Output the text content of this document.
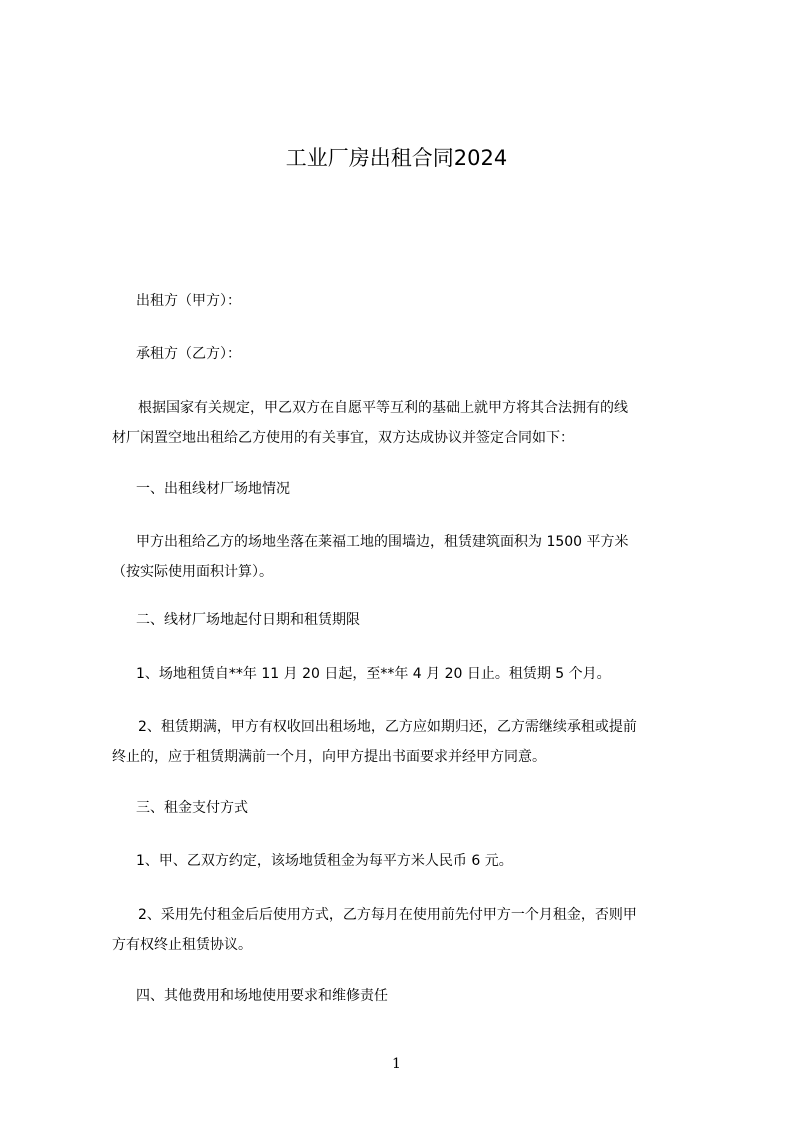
工业厂房出租合同2024
出租方（甲方）：
承租方（乙方）：
根据国家有关规定，甲乙双方在自愿平等互利的基础上就甲方将其合法拥有的线
材厂闲置空地出租给乙方使用的有关事宜，双方达成协议并签定合同如下：
一、出租线材厂场地情况
甲方出租给乙方的场地坐落在莱福工地的围墙边，租赁建筑面积为 1500 平方米
（按实际使用面积计算）。
二、线材厂场地起付日期和租赁期限
1、场地租赁自**年 11 月 20 日起，至**年 4 月 20 日止。租赁期 5 个月。
2、租赁期满，甲方有权收回出租场地，乙方应如期归还，乙方需继续承租或提前
终止的，应于租赁期满前一个月，向甲方提出书面要求并经甲方同意。
三、租金支付方式
1、甲、乙双方约定，该场地赁租金为每平方米人民币 6 元。
2、采用先付租金后后使用方式，乙方每月在使用前先付甲方一个月租金，否则甲
方有权终止租赁协议。
四、其他费用和场地使用要求和维修责任
1
